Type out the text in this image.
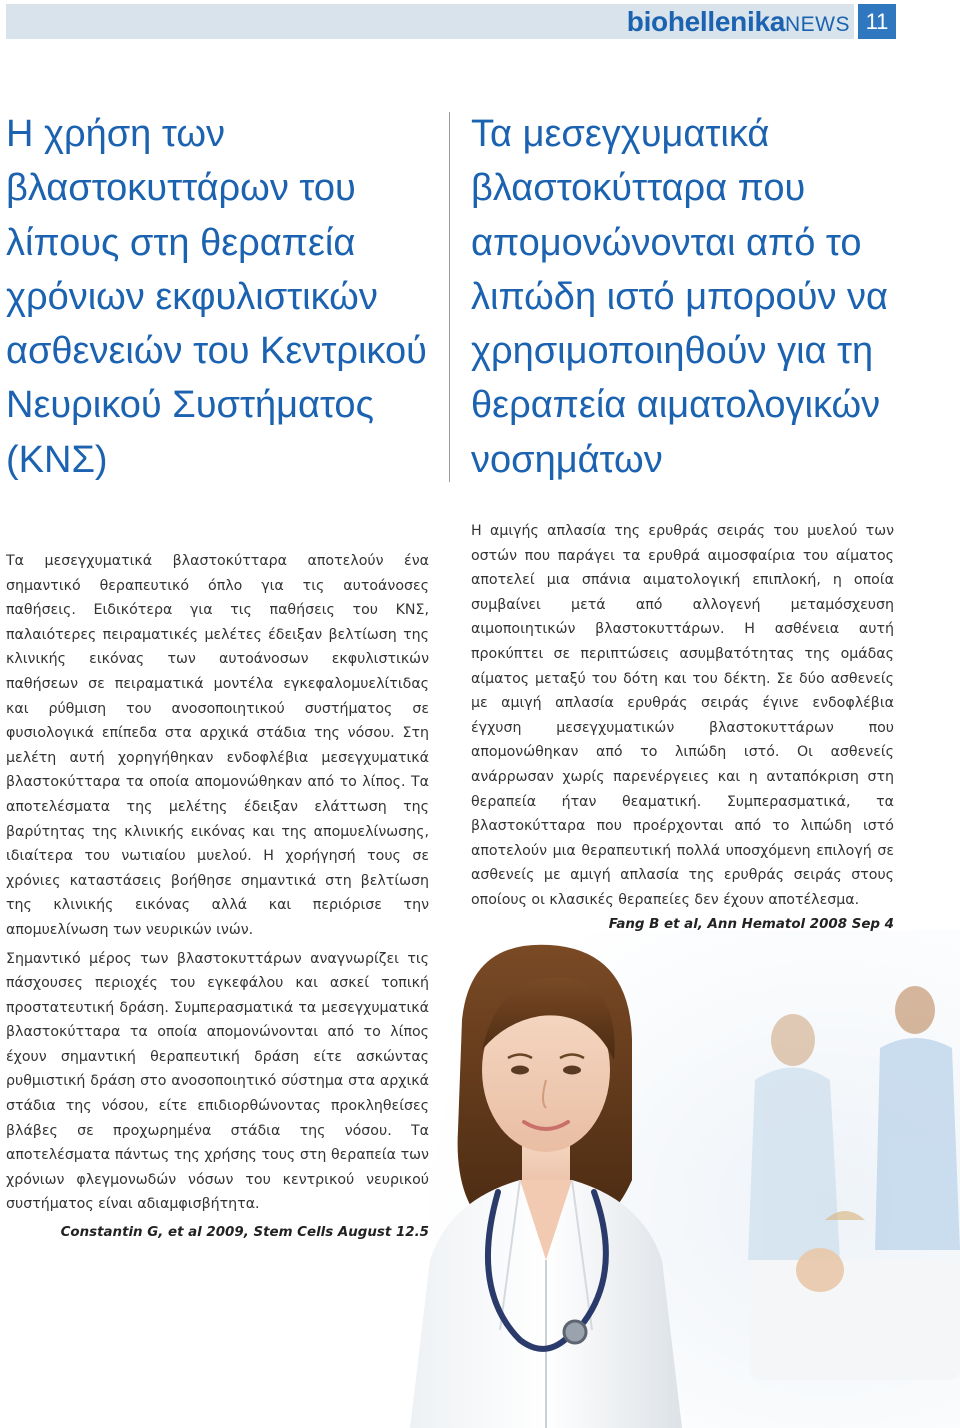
biohellenikaNEWS 11
Η χρήση των βλαστοκυττάρων του λίπους στη θεραπεία χρόνιων εκφυλιστικών ασθενειών του Κεντρικού Νευρικού Συστήματος (ΚΝΣ)
Τα μεσεγχυματικά βλαστοκύτταρα που απομονώνονται από το λιπώδη ιστό μπορούν να χρησιμοποιηθούν για τη θεραπεία αιματολογικών νοσημάτων

Τα μεσεγχυματικά βλαστοκύτταρα αποτελούν ένα σημαντικό θεραπευτικό όπλο για τις αυτοάνοσες παθήσεις. Ειδικότερα για τις παθήσεις του ΚΝΣ, παλαιότερες πειραματικές μελέτες έδειξαν βελτίωση της κλινικής εικόνας των αυτοάνοσων εκφυλιστικών παθήσεων σε πειραματικά μοντέλα εγκεφαλομυελίτιδας και ρύθμιση του ανοσοποιητικού συστήματος σε φυσιολογικά επίπεδα στα αρχικά στάδια της νόσου. Στη μελέτη αυτή χορηγήθηκαν ενδοφλέβια μεσεγχυματικά βλαστοκύτταρα τα οποία απομονώθηκαν από το λίπος. Τα αποτελέσματα της μελέτης έδειξαν ελάττωση της βαρύτητας της κλινικής εικόνας και της απομυελίνωσης, ιδιαίτερα του νωτιαίου μυελού. Η χορήγησή τους σε χρόνιες καταστάσεις βοήθησε σημαντικά στη βελτίωση της κλινικής εικόνας αλλά και περιόρισε την απομυελίνωση των νευρικών ινών.

Σημαντικό μέρος των βλαστοκυττάρων αναγνωρίζει τις πάσχουσες περιοχές του εγκεφάλου και ασκεί τοπική προστατευτική δράση. Συμπερασματικά τα μεσεγχυματικά βλαστοκύτταρα τα οποία απομονώνονται από το λίπος έχουν σημαντική θεραπευτική δράση είτε ασκώντας ρυθμιστική δράση στο ανοσοποιητικό σύστημα στα αρχικά στάδια της νόσου, είτε επιδιορθώνοντας προκληθείσες βλάβες σε προχωρημένα στάδια της νόσου. Τα αποτελέσματα πάντως της χρήσης τους στη θεραπεία των χρόνιων φλεγμονωδών νόσων του κεντρικού νευρικού συστήματος είναι αδιαμφισβήτητα.

Constantin G, et al 2009, Stem Cells August 12.5

Η αμιγής απλασία της ερυθράς σειράς του μυελού των οστών που παράγει τα ερυθρά αιμοσφαίρια του αίματος αποτελεί μια σπάνια αιματολογική επιπλοκή, η οποία συμβαίνει μετά από αλλογενή μεταμόσχευση αιμοποιητικών βλαστοκυττάρων. Η ασθένεια αυτή προκύπτει σε περιπτώσεις ασυμβατότητας της ομάδας αίματος μεταξύ του δότη και του δέκτη. Σε δύο ασθενείς με αμιγή απλασία ερυθράς σειράς έγινε ενδοφλέβια έγχυση μεσεγχυματικών βλαστοκυττάρων που απομονώθηκαν από το λιπώδη ιστό. Οι ασθενείς ανάρρωσαν χωρίς παρενέργειες και η ανταπόκριση στη θεραπεία ήταν θεαματική. Συμπερασματικά, τα βλαστοκύτταρα που προέρχονται από το λιπώδη ιστό αποτελούν μια θεραπευτική πολλά υποσχόμενη επιλογή σε ασθενείς με αμιγή απλασία της ερυθράς σειράς στους οποίους οι κλασικές θεραπείες δεν έχουν αποτέλεσμα.

Fang B et al, Ann Hematol 2008 Sep 4
